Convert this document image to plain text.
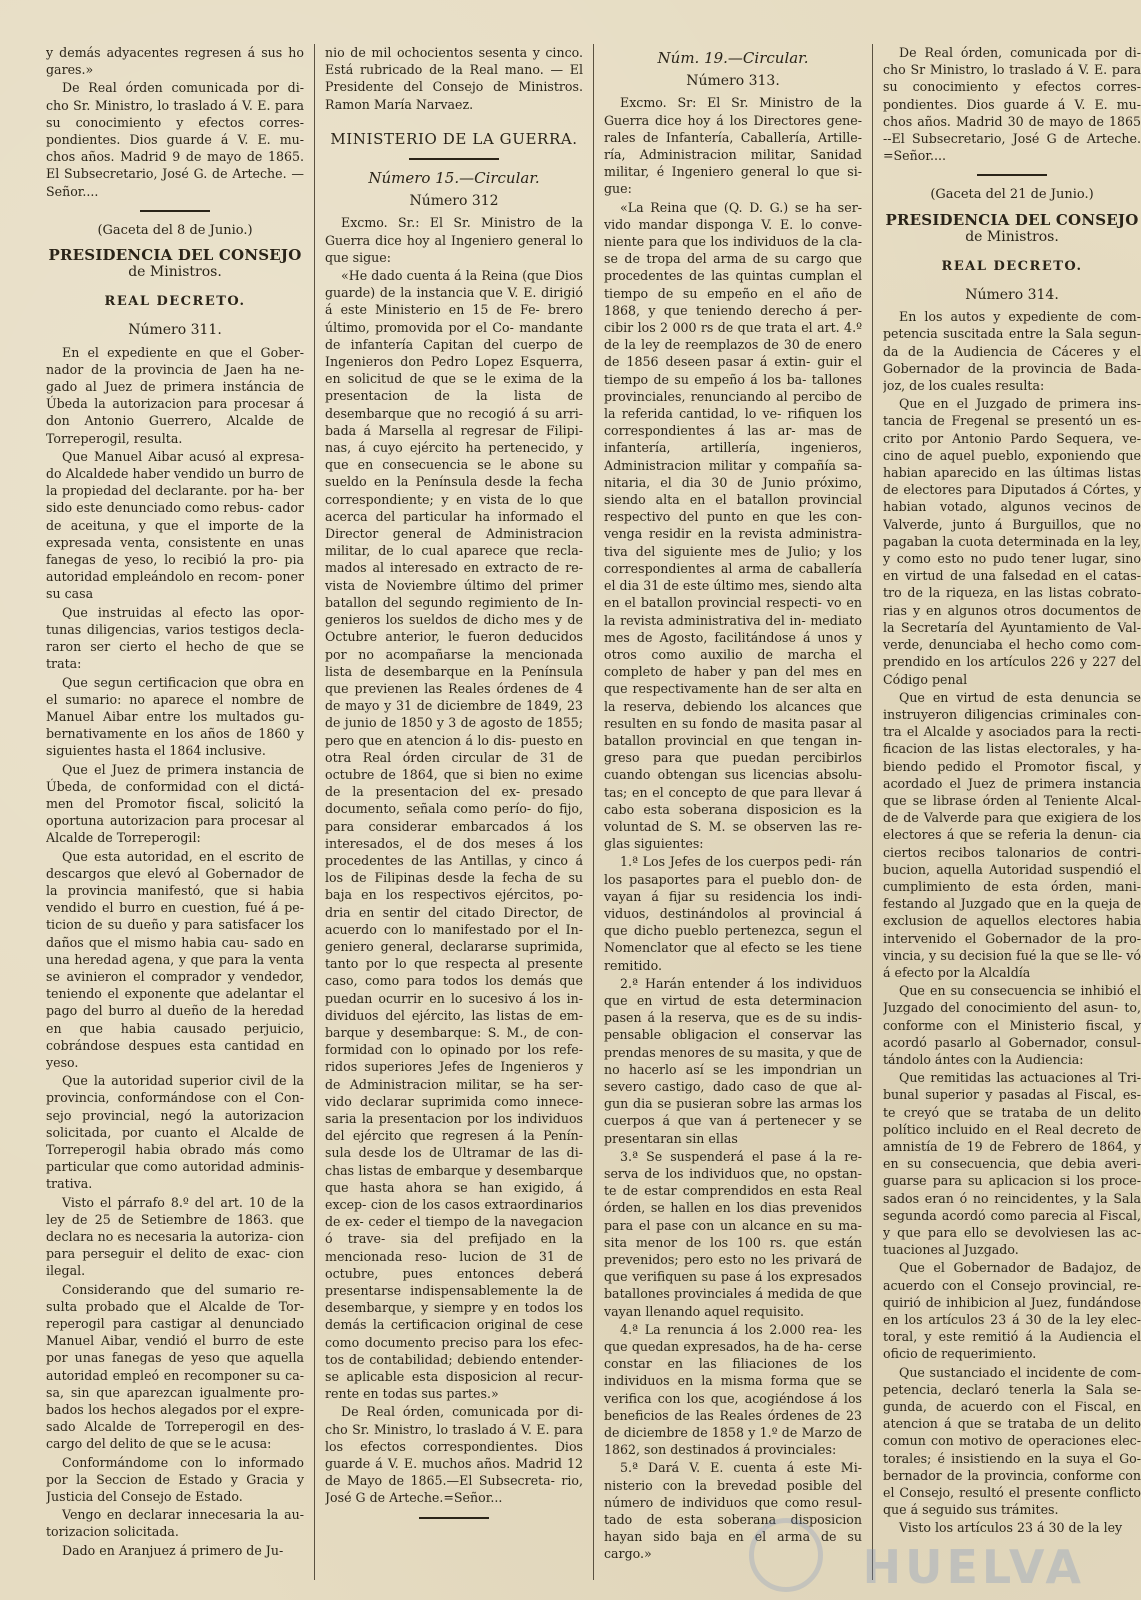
y demás adyacentes regresen á sus ho gares.»

De Real órden comunicada por di- cho Sr. Ministro, lo traslado á V. E. para su conocimiento y efectos corres- pondientes. Dios guarde á V. E. mu- chos años. Madrid 9 de mayo de 1865. El Subsecretario, José G. de Arteche. —Señor....

(Gaceta del 8 de Junio.)
PRESIDENCIA DEL CONSEJO
de Ministros.
REAL DECRETO.
Número 311.

En el expediente en que el Gober- nador de la provincia de Jaen ha ne- gado al Juez de primera instáncia de Úbeda la autorizacion para procesar á don Antonio Guerrero, Alcalde de Torreperogil, resulta.

Que Manuel Aibar acusó al expresa- do Alcaldede haber vendido un burro de la propiedad del declarante. por ha- ber sido este denunciado como rebus- cador de aceituna, y que el importe de la expresada venta, consistente en unas fanegas de yeso, lo recibió la pro- pia autoridad empleándolo en recom- poner su casa

Que instruidas al efecto las opor- tunas diligencias, varios testigos decla- raron ser cierto el hecho de que se trata:

Que segun certificacion que obra en el sumario: no aparece el nombre de Manuel Aibar entre los multados gu- bernativamente en los años de 1860 y siguientes hasta el 1864 inclusive.

Que el Juez de primera instancia de Úbeda, de conformidad con el dictá- men del Promotor fiscal, solicitó la oportuna autorizacion para procesar al Alcalde de Torreperogil:

Que esta autoridad, en el escrito de descargos que elevó al Gobernador de la provincia manifestó, que si habia vendido el burro en cuestion, fué á pe- ticion de su dueño y para satisfacer los daños que el mismo habia cau- sado en una heredad agena, y que para la venta se avinieron el comprador y vendedor, teniendo el exponente que adelantar el pago del burro al dueño de la heredad en que habia causado perjuicio, cobrándose despues esta cantidad en yeso.

Que la autoridad superior civil de la provincia, conformándose con el Con- sejo provincial, negó la autorizacion solicitada, por cuanto el Alcalde de Torreperogil habia obrado más como particular que como autoridad adminis- trativa.

Visto el párrafo 8.º del art. 10 de la ley de 25 de Setiembre de 1863. que declara no es necesaria la autoriza- cion para perseguir el delito de exac- cion ilegal.

Considerando que del sumario re- sulta probado que el Alcalde de Tor- reperogil para castigar al denunciado Manuel Aibar, vendió el burro de este por unas fanegas de yeso que aquella autoridad empleó en recomponer su ca- sa, sin que aparezcan igualmente pro- bados los hechos alegados por el expre- sado Alcalde de Torreperogil en des- cargo del delito de que se le acusa:

Conformándome con lo informado por la Seccion de Estado y Gracia y Justicia del Consejo de Estado.

Vengo en declarar innecesaria la au- torizacion solicitada.

Dado en Aranjuez á primero de Ju-

nio de mil ochocientos sesenta y cinco. Está rubricado de la Real mano. — El Presidente del Consejo de Ministros. Ramon María Narvaez.

MINISTERIO DE LA GUERRA.
Número 15.—Circular.
Número 312

Excmo. Sr.: El Sr. Ministro de la Guerra dice hoy al Ingeniero general lo que sigue:

«He dado cuenta á la Reina (que Dios guarde) de la instancia que V. E. dirigió á este Ministerio en 15 de Fe- brero último, promovida por el Co- mandante de infantería Capitan del cuerpo de Ingenieros don Pedro Lopez Esquerra, en solicitud de que se le exima de la presentacion de la lista de desembarque que no recogió á su arri- bada á Marsella al regresar de Filipi- nas, á cuyo ejército ha pertenecido, y que en consecuencia se le abone su sueldo en la Península desde la fecha correspondiente; y en vista de lo que acerca del particular ha informado el Director general de Administracion militar, de lo cual aparece que recla- mados al interesado en extracto de re- vista de Noviembre último del primer batallon del segundo regimiento de In- genieros los sueldos de dicho mes y de Octubre anterior, le fueron deducidos por no acompañarse la mencionada lista de desembarque en la Península que previenen las Reales órdenes de 4 de mayo y 31 de diciembre de 1849, 23 de junio de 1850 y 3 de agosto de 1855; pero que en atencion á lo dis- puesto en otra Real órden circular de 31 de octubre de 1864, que si bien no exime de la presentacion del ex- presado documento, señala como perío- do fijo, para considerar embarcados á los interesados, el de dos meses á los procedentes de las Antillas, y cinco á los de Filipinas desde la fecha de su baja en los respectivos ejércitos, po- dria en sentir del citado Director, de acuerdo con lo manifestado por el In- geniero general, declararse suprimida, tanto por lo que respecta al presente caso, como para todos los demás que puedan ocurrir en lo sucesivo á los in- dividuos del ejército, las listas de em- barque y desembarque: S. M., de con- formidad con lo opinado por los refe- ridos superiores Jefes de Ingenieros y de Administracion militar, se ha ser- vido declarar suprimida como innece- saria la presentacion por los individuos del ejército que regresen á la Penín- sula desde los de Ultramar de las di- chas listas de embarque y desembarque que hasta ahora se han exigido, á excep- cion de los casos extraordinarios de ex- ceder el tiempo de la navegacion ó trave- sia del prefijado en la mencionada reso- lucion de 31 de octubre, pues entonces deberá presentarse indispensablemente la de desembarque, y siempre y en todos los demás la certificacion original de cese como documento preciso para los efec- tos de contabilidad; debiendo entender- se aplicable esta disposicion al recur- rente en todas sus partes.»

De Real órden, comunicada por di- cho Sr. Ministro, lo traslado á V. E. para los efectos correspondientes. Dios guarde á V. E. muchos años. Madrid 12 de Mayo de 1865.—El Subsecreta- rio, José G de Arteche.=Señor...

Núm. 19.—Circular.
Número 313.

Excmo. Sr: El Sr. Ministro de la Guerra dice hoy á los Directores gene- rales de Infantería, Caballería, Artille- ría, Administracion militar, Sanidad militar, é Ingeniero general lo que si- gue:

«La Reina que (Q. D. G.) se ha ser- vido mandar disponga V. E. lo conve- niente para que los individuos de la cla- se de tropa del arma de su cargo que procedentes de las quintas cumplan el tiempo de su empeño en el año de 1868, y que teniendo derecho á per- cibir los 2 000 rs de que trata el art. 4.º de la ley de reemplazos de 30 de enero de 1856 deseen pasar á extin- guir el tiempo de su empeño á los ba- tallones provinciales, renunciando al percibo de la referida cantidad, lo ve- rifiquen los correspondientes á las ar- mas de infantería, artillería, ingenieros, Administracion militar y compañía sa- nitaria, el dia 30 de Junio próximo, siendo alta en el batallon provincial respectivo del punto en que les con- venga residir en la revista administra- tiva del siguiente mes de Julio; y los correspondientes al arma de caballería el dia 31 de este último mes, siendo alta en el batallon provincial respecti- vo en la revista administrativa del in- mediato mes de Agosto, facilitándose á unos y otros como auxilio de marcha el completo de haber y pan del mes en que respectivamente han de ser alta en la reserva, debiendo los alcances que resulten en su fondo de masita pasar al batallon provincial en que tengan in- greso para que puedan percibirlos cuando obtengan sus licencias absolu- tas; en el concepto de que para llevar á cabo esta soberana disposicion es la voluntad de S. M. se observen las re- glas siguientes:

1.ª Los Jefes de los cuerpos pedi- rán los pasaportes para el pueblo don- de vayan á fijar su residencia los indi- viduos, destinándolos al provincial á que dicho pueblo pertenezca, segun el Nomenclator que al efecto se les tiene remitido.

2.ª Harán entender á los individuos que en virtud de esta determinacion pasen á la reserva, que es de su indis- pensable obligacion el conservar las prendas menores de su masita, y que de no hacerlo así se les impondrian un severo castigo, dado caso de que al- gun dia se pusieran sobre las armas los cuerpos á que van á pertenecer y se presentaran sin ellas

3.ª Se suspenderá el pase á la re- serva de los individuos que, no opstan- te de estar comprendidos en esta Real órden, se hallen en los dias prevenidos para el pase con un alcance en su ma- sita menor de los 100 rs. que están prevenidos; pero esto no les privará de que verifiquen su pase á los expresados batallones provinciales á medida de que vayan llenando aquel requisito.

4.ª La renuncia á los 2.000 rea- les que quedan expresados, ha de ha- cerse constar en las filiaciones de los individuos en la misma forma que se verifica con los que, acogiéndose á los beneficios de las Reales órdenes de 23 de diciembre de 1858 y 1.º de Marzo de 1862, son destinados á provinciales:

5.ª Dará V. E. cuenta á este Mi- nisterio con la brevedad posible del número de individuos que como resul- tado de esta soberana disposicion hayan sido baja en el arma de su cargo.»

De Real órden, comunicada por di- cho Sr Ministro, lo traslado á V. E. para su conocimiento y efectos corres- pondientes. Dios guarde á V. E. mu- chos años. Madrid 30 de mayo de 1865 --El Subsecretario, José G de Arteche. =Señor....

(Gaceta del 21 de Junio.)
PRESIDENCIA DEL CONSEJO
de Ministros.
REAL DECRETO.
Número 314.

En los autos y expediente de com- petencia suscitada entre la Sala segun- da de la Audiencia de Cáceres y el Gobernador de la provincia de Bada- joz, de los cuales resulta:

Que en el Juzgado de primera ins- tancia de Fregenal se presentó un es- crito por Antonio Pardo Sequera, ve- cino de aquel pueblo, exponiendo que habian aparecido en las últimas listas de electores para Diputados á Córtes, y habian votado, algunos vecinos de Valverde, junto á Burguillos, que no pagaban la cuota determinada en la ley, y como esto no pudo tener lugar, sino en virtud de una falsedad en el catas- tro de la riqueza, en las listas cobrato- rias y en algunos otros documentos de la Secretaría del Ayuntamiento de Val- verde, denunciaba el hecho como com- prendido en los artículos 226 y 227 del Código penal

Que en virtud de esta denuncia se instruyeron diligencias criminales con- tra el Alcalde y asociados para la recti- ficacion de las listas electorales, y ha- biendo pedido el Promotor fiscal, y acordado el Juez de primera instancia que se librase órden al Teniente Alcal- de de Valverde para que exigiera de los electores á que se referia la denun- cia ciertos recibos talonarios de contri- bucion, aquella Autoridad suspendió el cumplimiento de esta órden, mani- festando al Juzgado que en la queja de exclusion de aquellos electores habia intervenido el Gobernador de la pro- vincia, y su decision fué la que se lle- vó á efecto por la Alcaldía

Que en su consecuencia se inhibió el Juzgado del conocimiento del asun- to, conforme con el Ministerio fiscal, y acordó pasarlo al Gobernador, consul- tándolo ántes con la Audiencia:

Que remitidas las actuaciones al Tri- bunal superior y pasadas al Fiscal, es- te creyó que se trataba de un delito político incluido en el Real decreto de amnistía de 19 de Febrero de 1864, y en su consecuencia, que debia averi- guarse para su aplicacion si los proce- sados eran ó no reincidentes, y la Sala segunda acordó como parecia al Fiscal, y que para ello se devolviesen las ac- tuaciones al Juzgado.

Que el Gobernador de Badajoz, de acuerdo con el Consejo provincial, re- quirió de inhibicion al Juez, fundándose en los artículos 23 á 30 de la ley elec- toral, y este remitió á la Audiencia el oficio de requerimiento.

Que sustanciado el incidente de com- petencia, declaró tenerla la Sala se- gunda, de acuerdo con el Fiscal, en atencion á que se trataba de un delito comun con motivo de operaciones elec- torales; é insistiendo en la suya el Go- bernador de la provincia, conforme con el Consejo, resultó el presente conflicto que á seguido sus trámites.

Visto los artículos 23 á 30 de la ley

HUELVA
